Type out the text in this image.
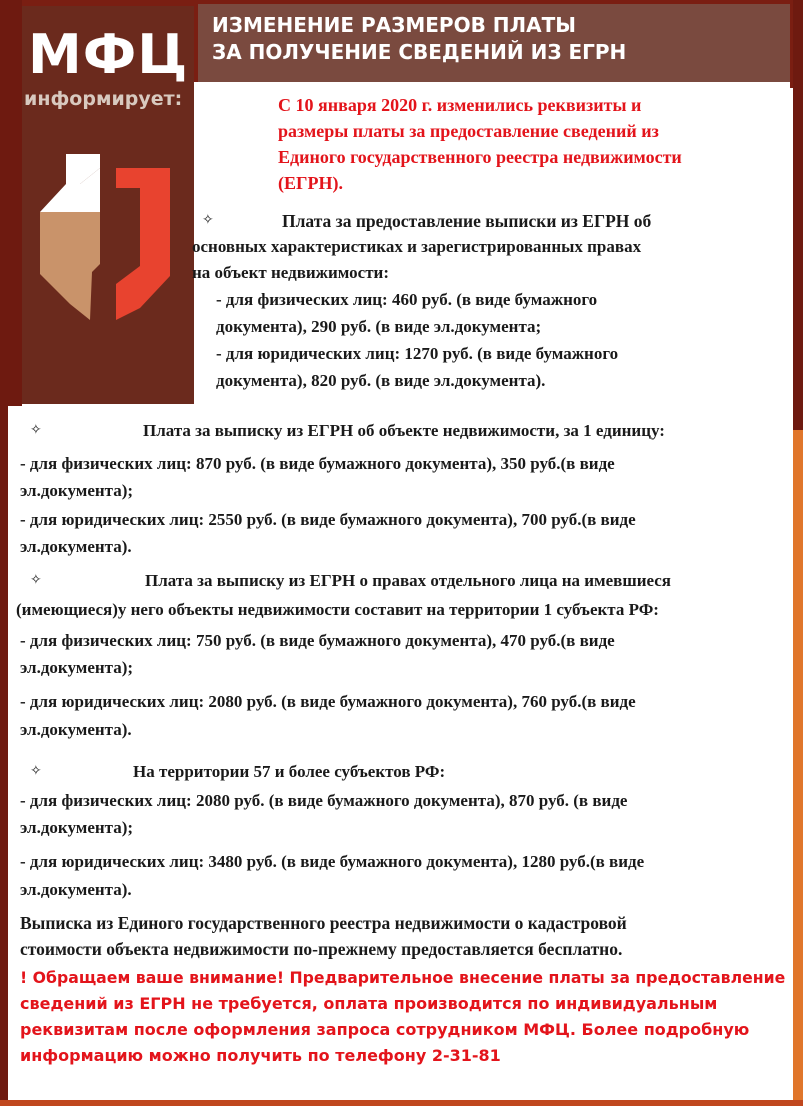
МФЦ
информирует:
ИЗМЕНЕНИЕ РАЗМЕРОВ ПЛАТЫ
ЗА ПОЛУЧЕНИЕ СВЕДЕНИЙ ИЗ ЕГРН
С 10 января 2020 г. изменились реквизиты и
размеры платы за предоставление сведений из
Единого государственного реестра недвижимости
(ЕГРН).
✧	Плата за предоставление выписки из ЕГРН об
основных характеристиках и зарегистрированных правах
на объект недвижимости:
- для физических лиц: 460 руб. (в виде бумажного
документа), 290 руб. (в виде эл.документа;
- для юридических лиц: 1270 руб. (в виде бумажного
документа), 820 руб. (в виде эл.документа).
✧	Плата за выписку из ЕГРН об объекте недвижимости, за 1 единицу:
- для физических лиц: 870 руб. (в виде бумажного документа), 350 руб.(в виде
эл.документа);
- для юридических лиц: 2550 руб. (в виде бумажного документа), 700 руб.(в виде
эл.документа).
✧	Плата за выписку из ЕГРН о правах отдельного лица на имевшиеся
(имеющиеся)у него объекты недвижимости составит на территории 1 субъекта РФ:
- для физических лиц: 750 руб. (в виде бумажного документа), 470 руб.(в виде
эл.документа);
- для юридических лиц: 2080 руб. (в виде бумажного документа), 760 руб.(в виде
эл.документа).
✧	На территории 57 и более субъектов РФ:
- для физических лиц: 2080 руб. (в виде бумажного документа), 870 руб. (в виде
эл.документа);
- для юридических лиц: 3480 руб. (в виде бумажного документа), 1280 руб.(в виде
эл.документа).
Выписка из Единого государственного реестра недвижимости о кадастровой
стоимости объекта недвижимости по-прежнему предоставляется бесплатно.
! Обращаем ваше внимание! Предварительное внесение платы за предоставление
сведений из ЕГРН не требуется, оплата производится по индивидуальным
реквизитам после оформления запроса сотрудником МФЦ. Более подробную
информацию можно получить по телефону 2-31-81
